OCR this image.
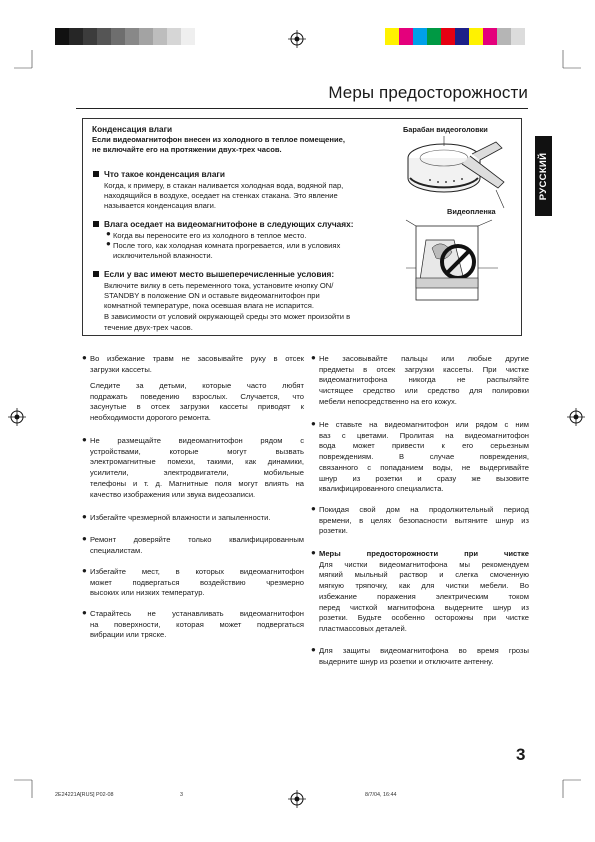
Меры предосторожности
РУССКИЙ
Конденсация влаги
Если видеомагнитофон внесен из холодного в теплое помещение,
не включайте его на протяжении двух-трех часов.
Что такое конденсация влаги
Когда, к примеру, в стакан наливается холодная вода, водяной пар,
находящийся в воздухе, оседает на стенках стакана. Это явление
называется конденсация влаги.
Влага оседает на видеомагнитофоне в следующих случаях:
● Когда вы переносите его из холодного в теплое место.
● После того, как холодная комната прогревается, или в условиях
исключительной влажности.
Если у вас имеют место вышеперечисленные условия:
Включите вилку в сеть переменного тока, установите кнопку ON/
STANDBY в положение ON и оставьте видеомагнитофон при
комнатной температуре, пока осевшая влага не испарится.
В зависимости от условий окружающей среды это может произойти в
течение двух-трех часов.
Барабан видеоголовки
Видеопленка
3
2E24221A[RUS] P02-08	3	8/7/04, 16:44
● Во избежание травм не засовывайте руку в отсек
загрузки кассеты.
Следите за детьми, которые часто любят
подражать поведению взрослых. Случается, что
засунутые в отсек загрузки кассеты приводят к
необходимости дорогого ремонта.
● Не размещайте видеомагнитофон рядом с
устройствами, которые могут вызвать
электромагнитные помехи, такими, как динамики,
усилители, электродвигатели, мобильные
телефоны и т. д. Магнитные поля могут влиять на
качество изображения или звука видеозаписи.
● Избегайте чрезмерной влажности и запыленности.
● Ремонт доверяйте только квалифицированным
специалистам.
● Избегайте мест, в которых видеомагнитофон
может подвергаться воздействию чрезмерно
высоких или низких температур.
● Старайтесь не устанавливать видеомагнитофон
на поверхности, которая может подвергаться
вибрации или тряске.
● Не засовывайте пальцы или любые другие
предметы в отсек загрузки кассеты. При чистке
видеомагнитофона никогда не распыляйте
чистящее средство или средство для полировки
мебели непосредственно на его кожух.
● Не ставьте на видеомагнитофон или рядом с ним
ваз с цветами. Пролитая на видеомагнитофон
вода может привести к его серьезным
повреждениям. В случае повреждения,
связанного с попаданием воды, не выдергивайте
шнур из розетки и сразу же вызовите
квалифицированного специалиста.
● Покидая свой дом на продолжительный период
времени, в целях безопасности вытяните шнур из
розетки.
● Меры предосторожности при чистке
Для чистки видеомагнитофона мы рекомендуем
мягкий мыльный раствор и слегка смоченную
мягкую тряпочку, как для чистки мебели. Во
избежание поражения электрическим током
перед чисткой магнитофона выдерните шнур из
розетки. Будьте особенно осторожны при чистке
пластмассовых деталей.
● Для защиты видеомагнитофона во время грозы
выдерните шнур из розетки и отключите антенну.
